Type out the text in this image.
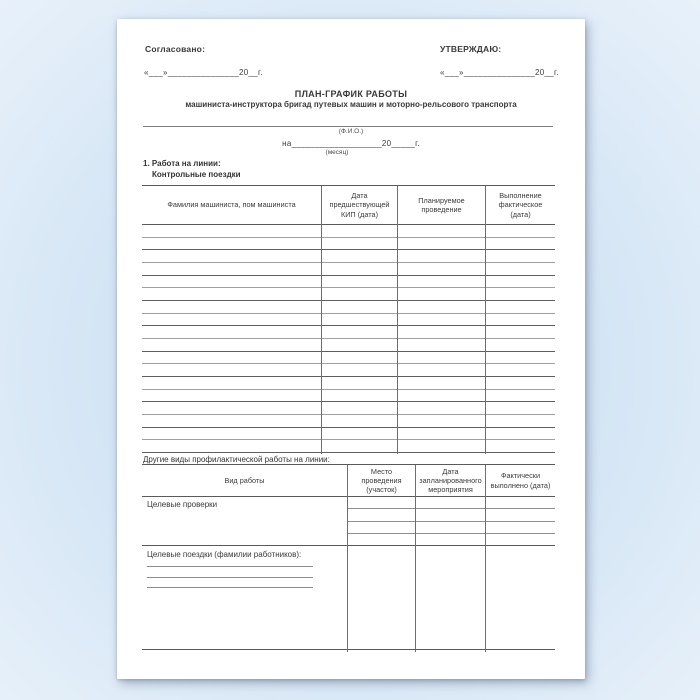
Согласовано:	УТВЕРЖДАЮ:
«___»_______________20__г.	«___»_______________20__г.
ПЛАН-ГРАФИК РАБОТЫ
машиниста-инструктора бригад путевых машин и моторно-рельсового транспорта
(Ф.И.О.)
на___________________20_____г.
(месяц)
1. Работа на линии:
Контрольные поездки
Фамилия машиниста, пом машиниста
Дата предшествующей КИП (дата)
Планируемое проведение
Выполнение фактическое (дата)
Другие виды профилактической работы на линии:
Вид работы
Место проведения (участок)
Дата запланированного мероприятия
Фактически выполнено (дата)
Целевые проверки
Целевые поездки (фамилии работников):
